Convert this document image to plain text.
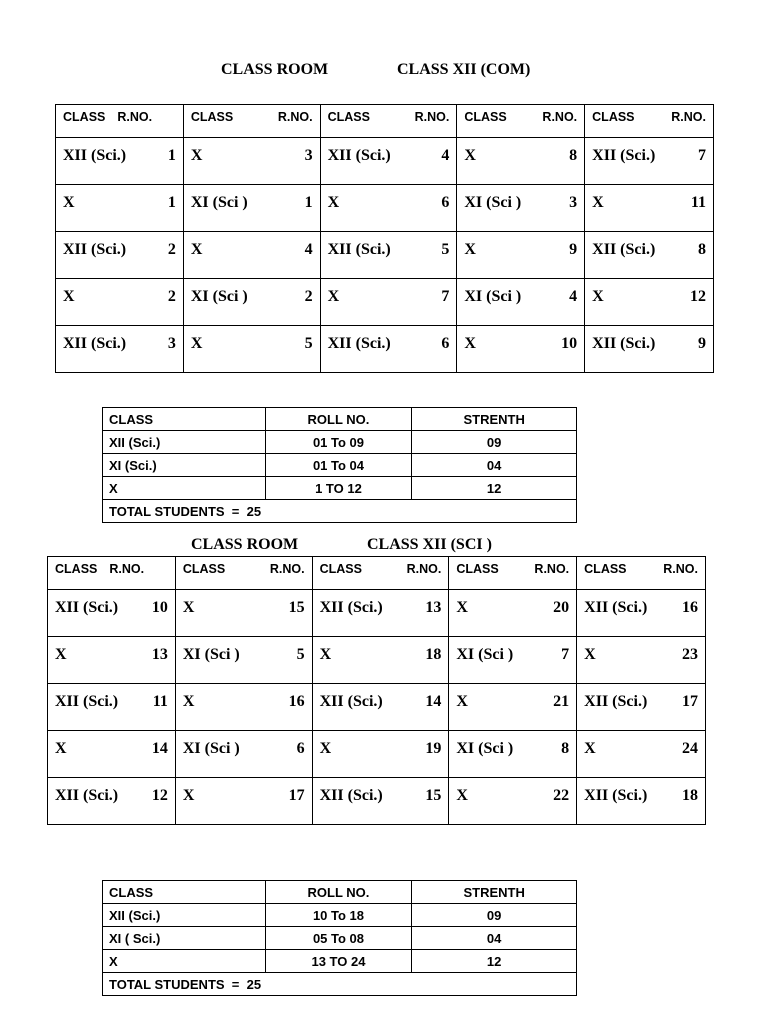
CLASS ROOM	CLASS XII (COM)
CLASS R.NO.	CLASS R.NO.	CLASS R.NO.	CLASS R.NO.	CLASS R.NO.

XII (Sci.) 1	X 3	XII (Sci.) 4	X 8	XII (Sci.) 7

X 1	XI (Sci ) 1	X 6	XI (Sci ) 3	X 11

XII (Sci.) 2	X 4	XII (Sci.) 5	X 9	XII (Sci.) 8

X 2	XI (Sci ) 2	X 7	XI (Sci ) 4	X 12

XII (Sci.) 3	X 5	XII (Sci.) 6	X 10	XII (Sci.) 9
CLASS	ROLL NO.	STRENTH
XII (Sci.)	01 To 09	09
XI (Sci.)	01 To 04	04
X	1 TO 12	12
TOTAL STUDENTS  =  25		
CLASS ROOM	CLASS XII (SCI )
CLASS R.NO.	CLASS R.NO.	CLASS R.NO.	CLASS R.NO.	CLASS R.NO.

XII (Sci.) 10	X 15	XII (Sci.) 13	X 20	XII (Sci.) 16

X 13	XI (Sci ) 5	X 18	XI (Sci ) 7	X 23

XII (Sci.) 11	X 16	XII (Sci.) 14	X 21	XII (Sci.) 17

X 14	XI (Sci ) 6	X 19	XI (Sci ) 8	X 24

XII (Sci.) 12	X 17	XII (Sci.) 15	X 22	XII (Sci.) 18
CLASS	ROLL NO.	STRENTH
XII (Sci.)	10 To 18	09
XI ( Sci.)	05 To 08	04
X	13 TO 24	12
TOTAL STUDENTS  =  25		
